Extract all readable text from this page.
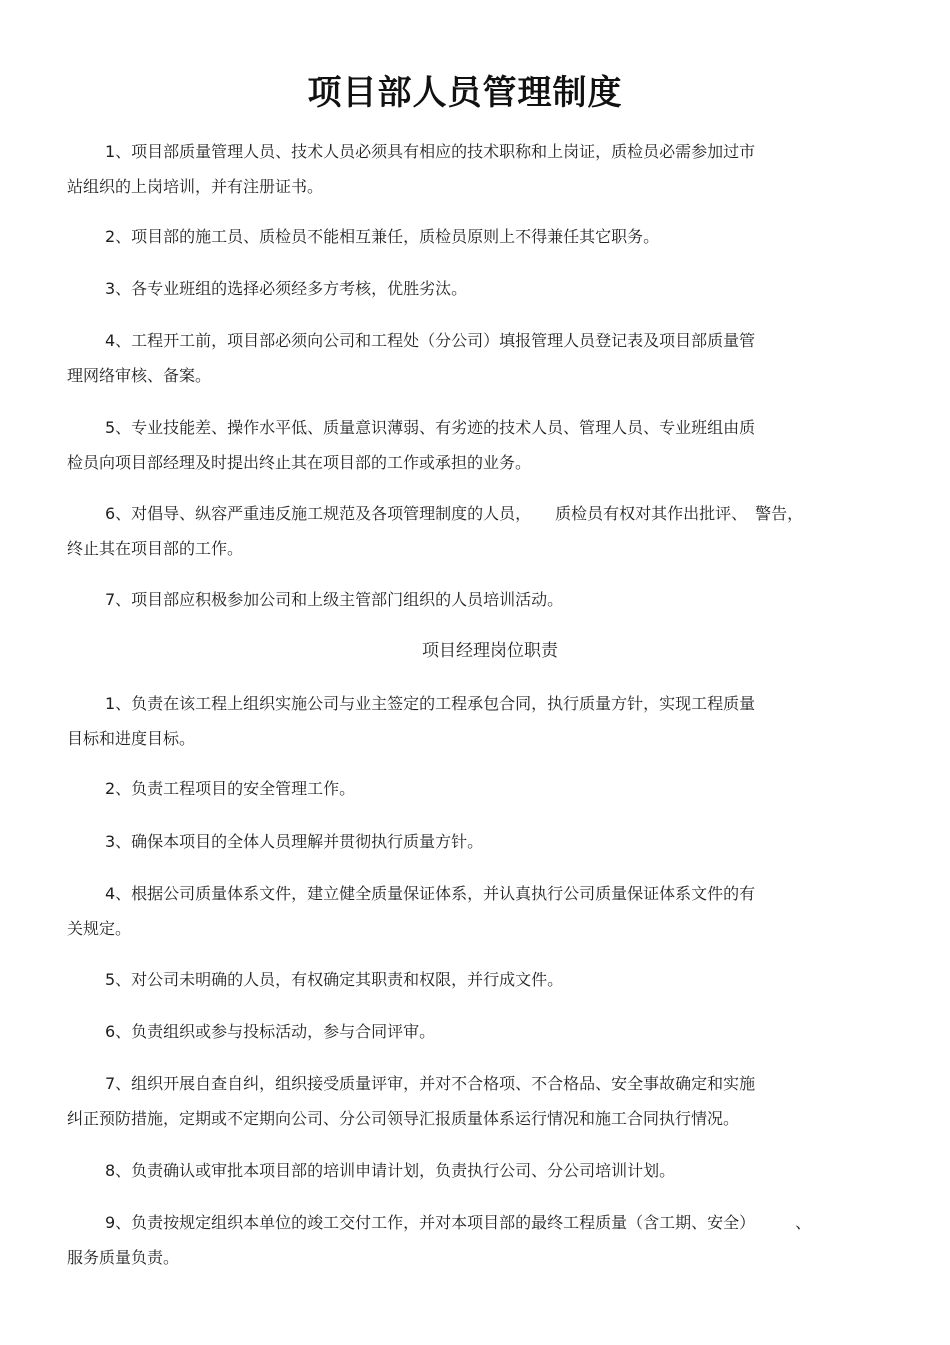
项目部人员管理制度
1、项目部质量管理人员、技术人员必须具有相应的技术职称和上岗证，质检员必需参加过市
站组织的上岗培训，并有注册证书。
2、项目部的施工员、质检员不能相互兼任，质检员原则上不得兼任其它职务。
3、各专业班组的选择必须经多方考核，优胜劣汰。
4、工程开工前，项目部必须向公司和工程处（分公司）填报管理人员登记表及项目部质量管
理网络审核、备案。
5、专业技能差、操作水平低、质量意识薄弱、有劣迹的技术人员、管理人员、专业班组由质
检员向项目部经理及时提出终止其在项目部的工作或承担的业务。
6、对倡导、纵容严重违反施工规范及各项管理制度的人员，　　质检员有权对其作出批评、　警告，
终止其在项目部的工作。
7、项目部应积极参加公司和上级主管部门组织的人员培训活动。
项目经理岗位职责
1、负责在该工程上组织实施公司与业主签定的工程承包合同，执行质量方针，实现工程质量
目标和进度目标。
2、负责工程项目的安全管理工作。
3、确保本项目的全体人员理解并贯彻执行质量方针。
4、根据公司质量体系文件，建立健全质量保证体系，并认真执行公司质量保证体系文件的有
关规定。
5、对公司未明确的人员，有权确定其职责和权限，并行成文件。
6、负责组织或参与投标活动，参与合同评审。
7、组织开展自查自纠，组织接受质量评审，并对不合格项、不合格品、安全事故确定和实施
纠正预防措施，定期或不定期向公司、分公司领导汇报质量体系运行情况和施工合同执行情况。
8、负责确认或审批本项目部的培训申请计划，负责执行公司、分公司培训计划。
9、负责按规定组织本单位的竣工交付工作，并对本项目部的最终工程质量（含工期、安全）　　　、
服务质量负责。
